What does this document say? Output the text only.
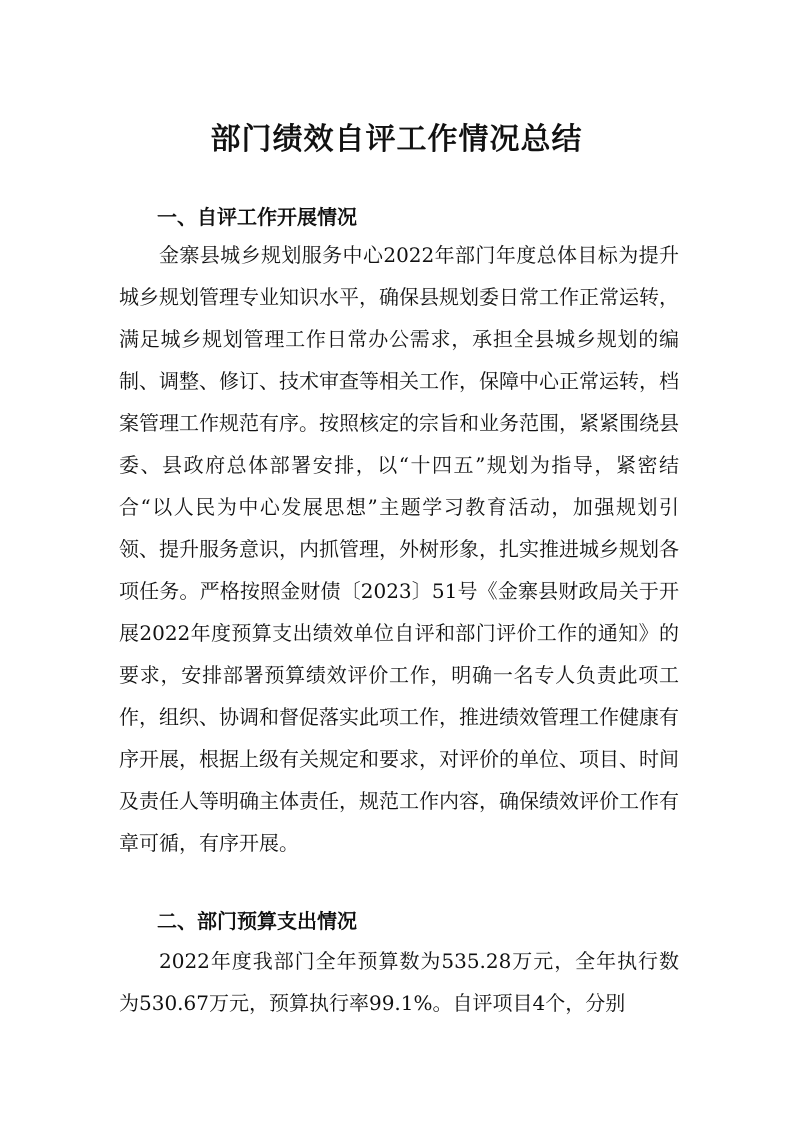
部门绩效自评工作情况总结
一、自评工作开展情况

金寨县城乡规划服务中心2022年部门年度总体目标为提升城乡规划管理专业知识水平，确保县规划委日常工作正常运转，满足城乡规划管理工作日常办公需求，承担全县城乡规划的编制、调整、修订、技术审查等相关工作，保障中心正常运转，档案管理工作规范有序。按照核定的宗旨和业务范围，紧紧围绕县委、县政府总体部署安排，以“十四五”规划为指导，紧密结合“以人民为中心发展思想”主题学习教育活动，加强规划引领、提升服务意识，内抓管理，外树形象，扎实推进城乡规划各项任务。严格按照金财债〔2023〕51号《金寨县财政局关于开展2022年度预算支出绩效单位自评和部门评价工作的通知》的要求，安排部署预算绩效评价工作，明确一名专人负责此项工作，组织、协调和督促落实此项工作，推进绩效管理工作健康有序开展，根据上级有关规定和要求，对评价的单位、项目、时间及责任人等明确主体责任，规范工作内容，确保绩效评价工作有章可循，有序开展。

二、部门预算支出情况

2022年度我部门全年预算数为535.28万元，全年执行数为530.67万元，预算执行率99.1%。自评项目4个，分别
